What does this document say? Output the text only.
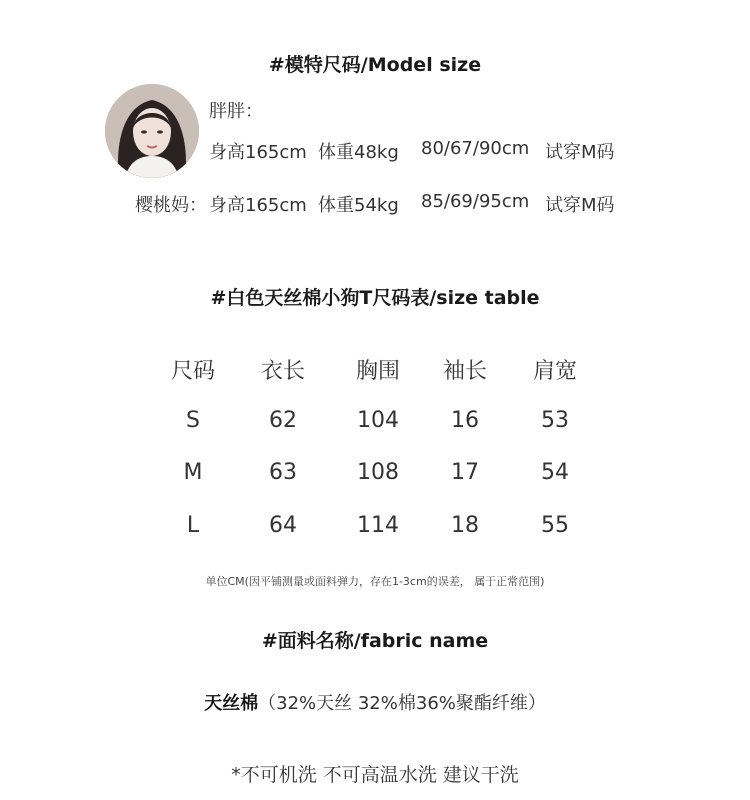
#模特尺码/Model size
胖胖：
身高165cm 体重48kg 80/67/90cm 试穿M码
樱桃妈： 身高165cm 体重54kg 85/69/95cm 试穿M码
#白色天丝棉小狗T尺码表/size table
尺码	衣长	胸围	袖长	肩宽
S	62	104	16	53
M	63	108	17	54
L	64	114	18	55
单位CM(因平铺测量或面料弹力，存在1-3cm的误差， 属于正常范围)
#面料名称/fabric name
天丝棉（32%天丝 32%棉36%聚酯纤维）
*不可机洗 不可高温水洗 建议干洗
